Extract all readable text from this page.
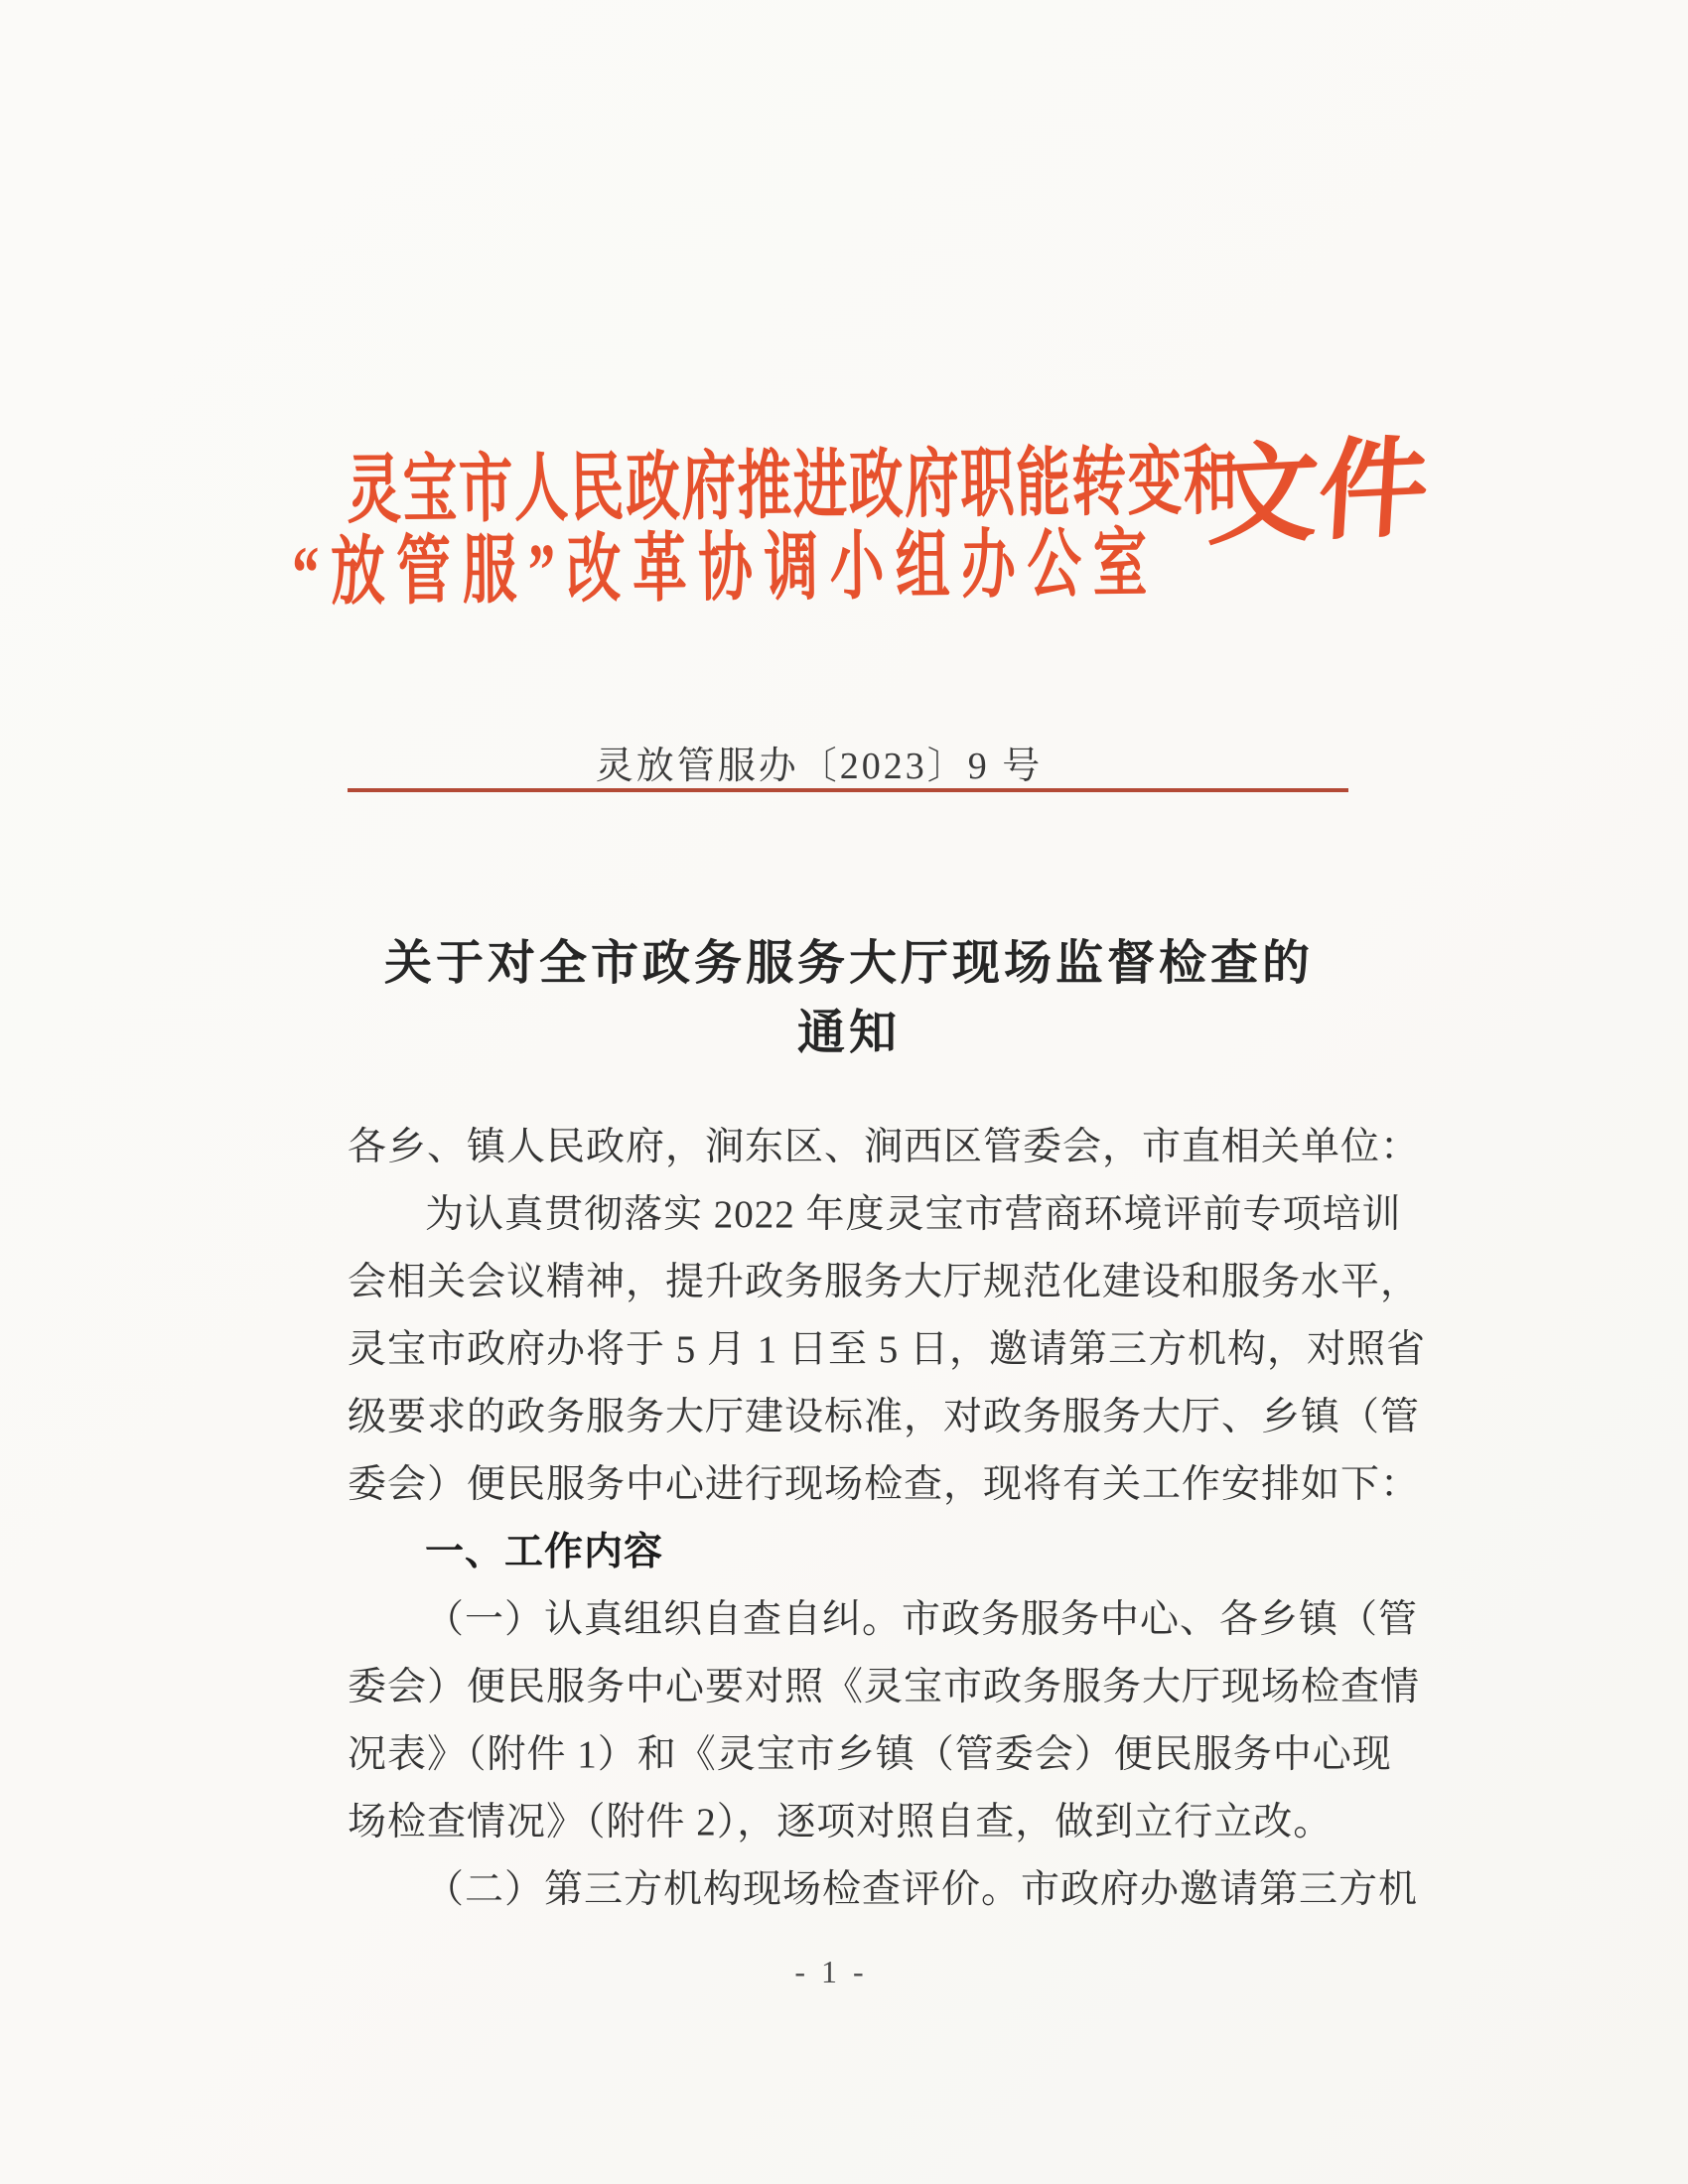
灵宝市人民政府推进政府职能转变和
“放管服”改革协调小组办公室
文件
灵放管服办〔2023〕9 号
关于对全市政务服务大厅现场监督检查的
通知

各乡、镇人民政府，涧东区、涧西区管委会，市直相关单位：

为认真贯彻落实 2022 年度灵宝市营商环境评前专项培训

会相关会议精神，提升政务服务大厅规范化建设和服务水平，

灵宝市政府办将于 5 月 1 日至 5 日，邀请第三方机构，对照省

级要求的政务服务大厅建设标准，对政务服务大厅、乡镇（管

委会）便民服务中心进行现场检查，现将有关工作安排如下：

一、工作内容

（一）认真组织自查自纠。市政务服务中心、各乡镇（管

委会）便民服务中心要对照《灵宝市政务服务大厅现场检查情

况表》（附件 1）和《灵宝市乡镇（管委会）便民服务中心现

场检查情况》（附件 2），逐项对照自查，做到立行立改。

（二）第三方机构现场检查评价。市政府办邀请第三方机

- 1 -
